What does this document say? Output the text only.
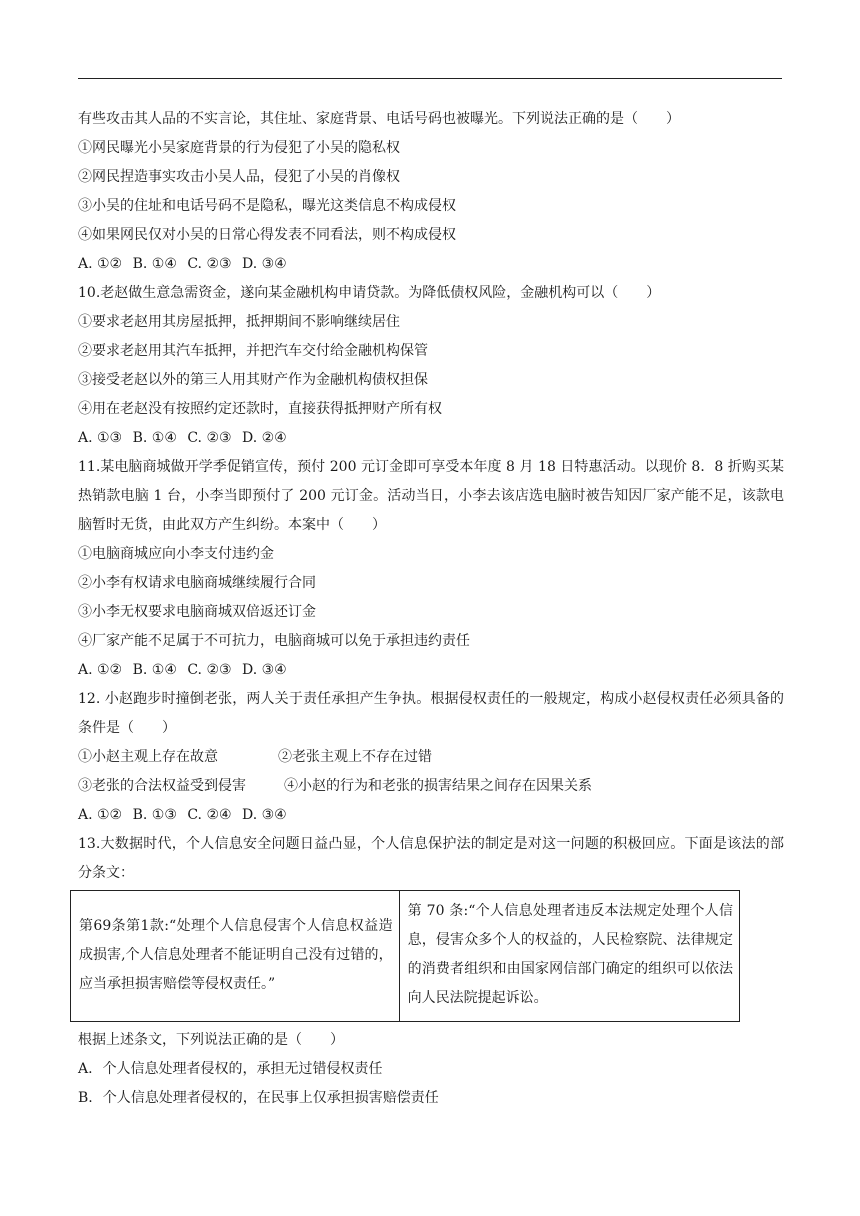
有些攻击其人品的不实言论，其住址、家庭背景、电话号码也被曝光。下列说法正确的是（　　）
①网民曝光小吴家庭背景的行为侵犯了小吴的隐私权
②网民捏造事实攻击小吴人品，侵犯了小吴的肖像权
③小吴的住址和电话号码不是隐私，曝光这类信息不构成侵权
④如果网民仅对小吴的日常心得发表不同看法，则不构成侵权
A. ①② B. ①④ C. ②③ D. ③④
10.老赵做生意急需资金，遂向某金融机构申请贷款。为降低债权风险，金融机构可以（　　）
①要求老赵用其房屋抵押，抵押期间不影响继续居住
②要求老赵用其汽车抵押，并把汽车交付给金融机构保管
③接受老赵以外的第三人用其财产作为金融机构债权担保
④用在老赵没有按照约定还款时，直接获得抵押财产所有权
A. ①③ B. ①④ C. ②③ D. ②④
11.某电脑商城做开学季促销宣传，预付 200 元订金即可享受本年度 8 月 18 日特惠活动。以现价 8．8 折购买某热销款电脑 1 台，小李当即预付了 200 元订金。活动当日，小李去该店选电脑时被告知因厂家产能不足，该款电脑暂时无货，由此双方产生纠纷。本案中（　　）
①电脑商城应向小李支付违约金
②小李有权请求电脑商城继续履行合同
③小李无权要求电脑商城双倍返还订金
④厂家产能不足属于不可抗力，电脑商城可以免于承担违约责任
A. ①② B. ①④ C. ②③ D. ③④
12. 小赵跑步时撞倒老张，两人关于责任承担产生争执。根据侵权责任的一般规定，构成小赵侵权责任必须具备的条件是（　　）
①小赵主观上存在故意	②老张主观上不存在过错
③老张的合法权益受到侵害	④小赵的行为和老张的损害结果之间存在因果关系
A. ①② B. ①③ C. ②④ D. ③④
13.大数据时代，个人信息安全问题日益凸显，个人信息保护法的制定是对这一问题的积极回应。下面是该法的部分条文：
第69条第1款:“处理个人信息侵害个人信息权益造成损害,个人信息处理者不能证明自己没有过错的，应当承担损害赔偿等侵权责任。”	第 70 条:“个人信息处理者违反本法规定处理个人信息，侵害众多个人的权益的，人民检察院、法律规定的消费者组织和由国家网信部门确定的组织可以依法向人民法院提起诉讼。
根据上述条文，下列说法正确的是（　　）
A. 个人信息处理者侵权的，承担无过错侵权责任
B. 个人信息处理者侵权的，在民事上仅承担损害赔偿责任
